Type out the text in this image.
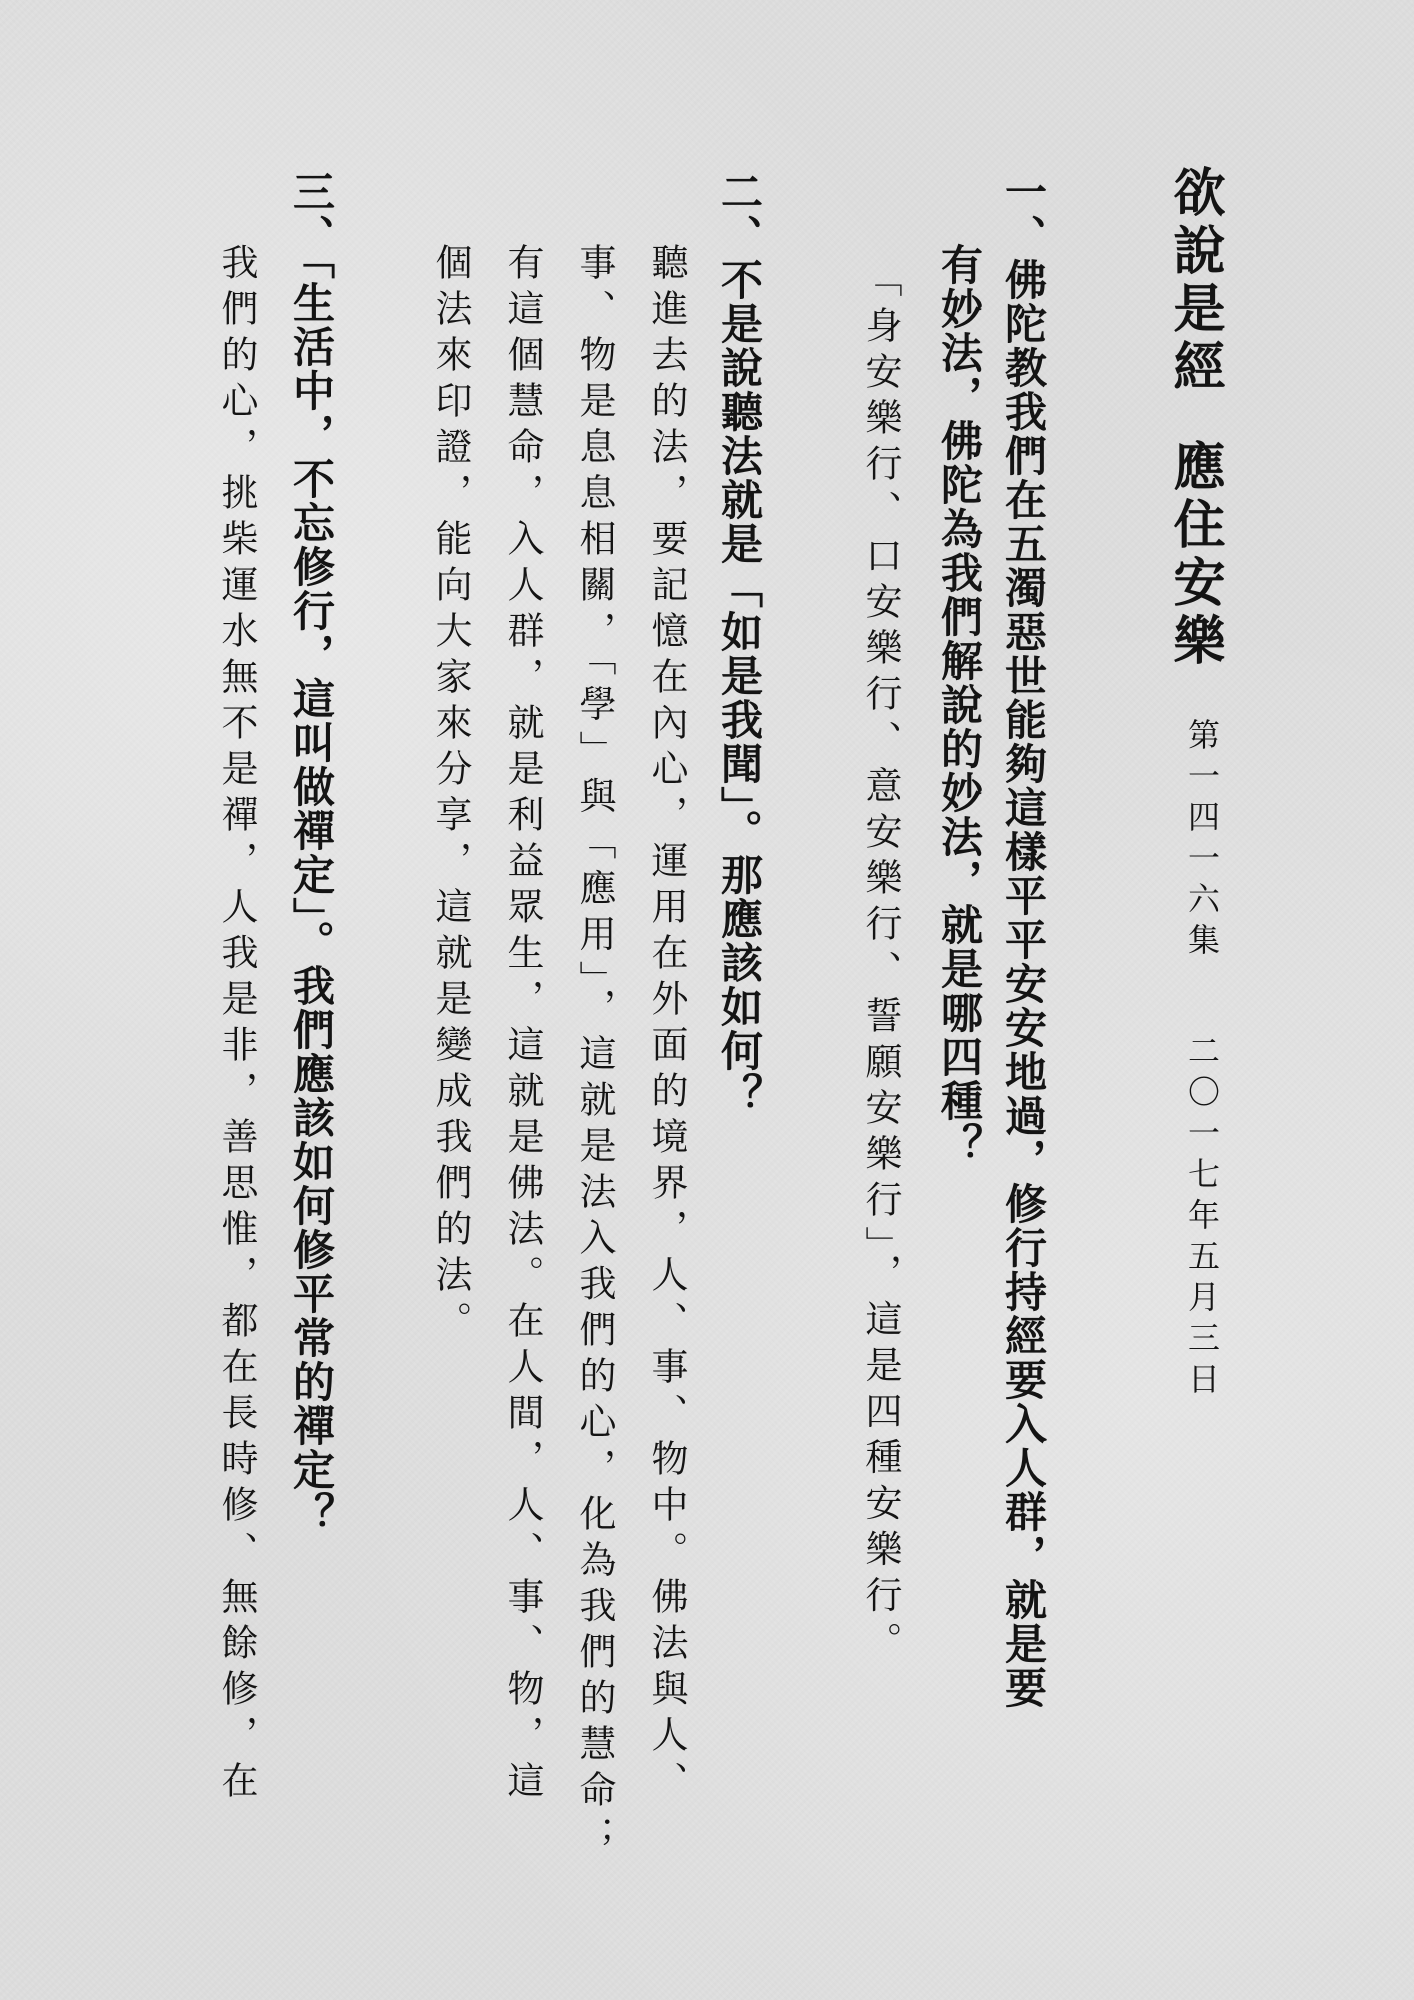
欲說是經應住安樂
第一四一六集二〇一七年五月三日
一、佛陀教我們在五濁惡世能夠這樣平平安安地過，修行持經要入人群，就是要
有妙法，佛陀為我們解說的妙法，就是哪四種？
「身安樂行、口安樂行、意安樂行、誓願安樂行」，這是四種安樂行。
二、不是說聽法就是「如是我聞」。那應該如何？
聽進去的法，要記憶在內心，運用在外面的境界，人、事、物中。佛法與人、
事、物是息息相關，「學」與「應用」，這就是法入我們的心，化為我們的慧命；
有這個慧命，入人群，就是利益眾生，這就是佛法。在人間，人、事、物，這
個法來印證，能向大家來分享，這就是變成我們的法。
三、「生活中，不忘修行，這叫做禪定」。我們應該如何修平常的禪定？
我們的心，挑柴運水無不是禪，人我是非，善思惟，都在長時修、無餘修，在
